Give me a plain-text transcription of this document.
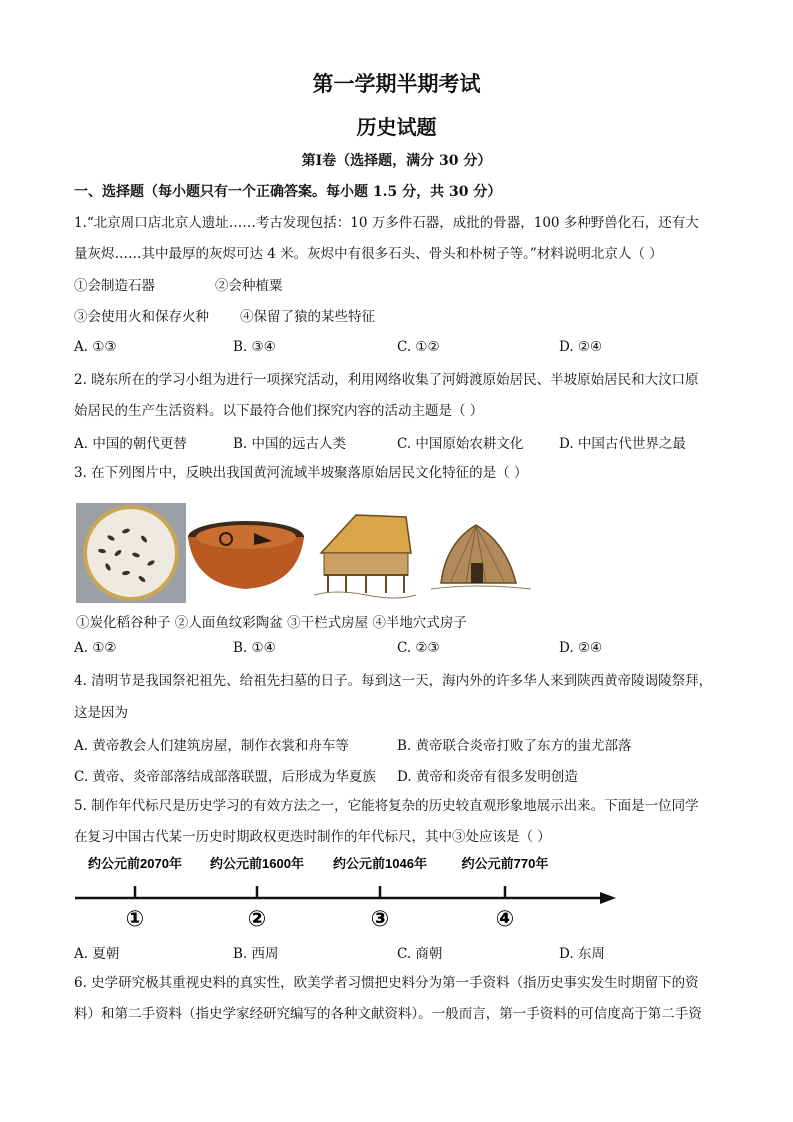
第一学期半期考试
历史试题
第Ⅰ卷（选择题，满分 30 分）
一、选择题（每小题只有一个正确答案。每小题 1.5 分，共 30 分）
1.“北京周口店北京人遗址……考古发现包括：10 万多件石器，成批的骨器，100 多种野兽化石，还有大
量灰烬……其中最厚的灰烬可达 4 米。灰烬中有很多石头、骨头和朴树子等。”材料说明北京人（ ）
①会制造石器	②会种植粟
③会使用火和保存火种	④保留了猿的某些特征
A. ①③	B. ③④	C. ①②	D. ②④
2. 晓东所在的学习小组为进行一项探究活动，利用网络收集了河姆渡原始居民、半坡原始居民和大汶口原
始居民的生产生活资料。以下最符合他们探究内容的活动主题是（ ）
A. 中国的朝代更替	B. 中国的远古人类	C. 中国原始农耕文化	D. 中国古代世界之最
3. 在下列图片中，反映出我国黄河流域半坡聚落原始居民文化特征的是（ ）
①炭化稻谷种子 ②人面鱼纹彩陶盆 ③干栏式房屋 ④半地穴式房子
A. ①②	B. ①④	C. ②③	D. ②④
4. 清明节是我国祭祀祖先、给祖先扫墓的日子。每到这一天，海内外的许多华人来到陕西黄帝陵谒陵祭拜，
这是因为
A. 黄帝教会人们建筑房屋，制作衣裳和舟车等	B. 黄帝联合炎帝打败了东方的蚩尤部落
C. 黄帝、炎帝部落结成部落联盟，后形成为华夏族 D. 黄帝和炎帝有很多发明创造
5. 制作年代标尺是历史学习的有效方法之一，它能将复杂的历史较直观形象地展示出来。下面是一位同学
在复习中国古代某一历史时期政权更迭时制作的年代标尺，其中③处应该是（ ）
约公元前2070年 约公元前1600年 约公元前1046年	约公元前770年
①	②	③	④
A. 夏朝	B. 西周	C. 商朝	D. 东周
6. 史学研究极其重视史料的真实性，欧美学者习惯把史料分为第一手资料（指历史事实发生时期留下的资
料）和第二手资料（指史学家经研究编写的各种文献资料）。一般而言，第一手资料的可信度高于第二手资
